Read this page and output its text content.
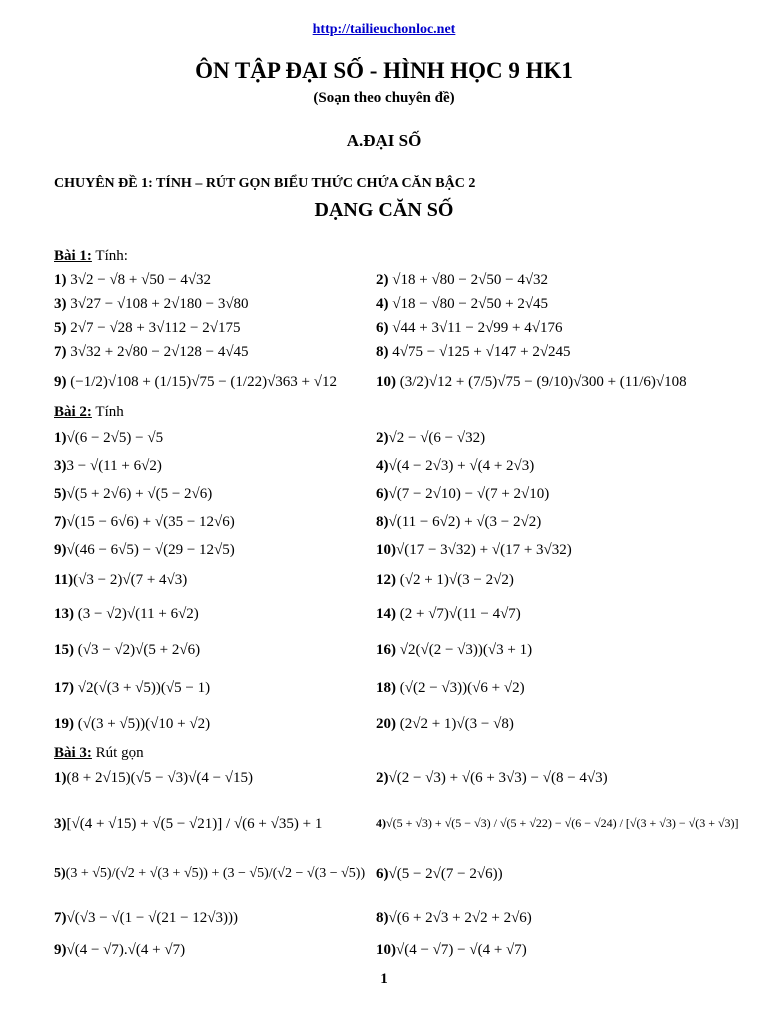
http://tailieuchonloc.net
ÔN TẬP ĐẠI SỐ - HÌNH HỌC 9 HK1
(Soạn theo chuyên đề)
A.ĐẠI SỐ
CHUYÊN ĐỀ 1: TÍNH – RÚT GỌN BIỂU THỨC CHỨA CĂN BẬC 2
DẠNG CĂN SỐ
Bài 1: Tính:
1) 3√2 − √8 + √50 − 4√32	2) √18 + √80 − 2√50 − 4√32
3) 3√27 − √108 + 2√180 − 3√80	4) √18 − √80 − 2√50 + 2√45
5) 2√7 − √28 + 3√112 − 2√175	6) √44 + 3√11 − 2√99 + 4√176
7) 3√32 + 2√80 − 2√128 − 4√45	8) 4√75 − √125 + √147 + 2√245
9) (−1/2)√108 + (1/15)√75 − (1/22)√363 + √12	10) (3/2)√12 + (7/5)√75 − (9/10)√300 + (11/6)√108
Bài 2: Tính
1)√(6 − 2√5) − √5	2)√2 − √(6 − √32)
3)3 − √(11 + 6√2)	4)√(4 − 2√3) + √(4 + 2√3)
5)√(5 + 2√6) + √(5 − 2√6)	6)√(7 − 2√10) − √(7 + 2√10)
7)√(15 − 6√6) + √(35 − 12√6)	8)√(11 − 6√2) + √(3 − 2√2)
9)√(46 − 6√5) − √(29 − 12√5)	10)√(17 − 3√32) + √(17 + 3√32)
11)(√3 − 2)√(7 + 4√3)	12) (√2 + 1)√(3 − 2√2)
13) (3 − √2)√(11 + 6√2)	14) (2 + √7)√(11 − 4√7)
15) (√3 − √2)√(5 + 2√6)	16) √2(√(2 − √3))(√3 + 1)
17) √2(√(3 + √5))(√5 − 1)	18) (√(2 − √3))(√6 + √2)
19) (√(3 + √5))(√10 + √2)	20) (2√2 + 1)√(3 − √8)
Bài 3: Rút gọn
1)(8 + 2√15)(√5 − √3)√(4 − √15)	2)√(2 − √3) + √(6 + 3√3) − √(8 − 4√3)
3)[√(4 + √15) + √(5 − √21)] / √(6 + √35) + 1	4)√(5 + √3) + √(5 − √3) / √(5 + √22) − √(6 − √24) / [√(3 + √3) − √(3 + √3)]
5)(3 + √5)/(√2 + √(3 + √5)) + (3 − √5)/(√2 − √(3 − √5)) 6)√(5 − 2√(7 − 2√6))
7)√(√3 − √(1 − √(21 − 12√3)))	8)√(6 + 2√3 + 2√2 + 2√6)
9)√(4 − √7).√(4 + √7)	10)√(4 − √7) − √(4 + √7)
1
